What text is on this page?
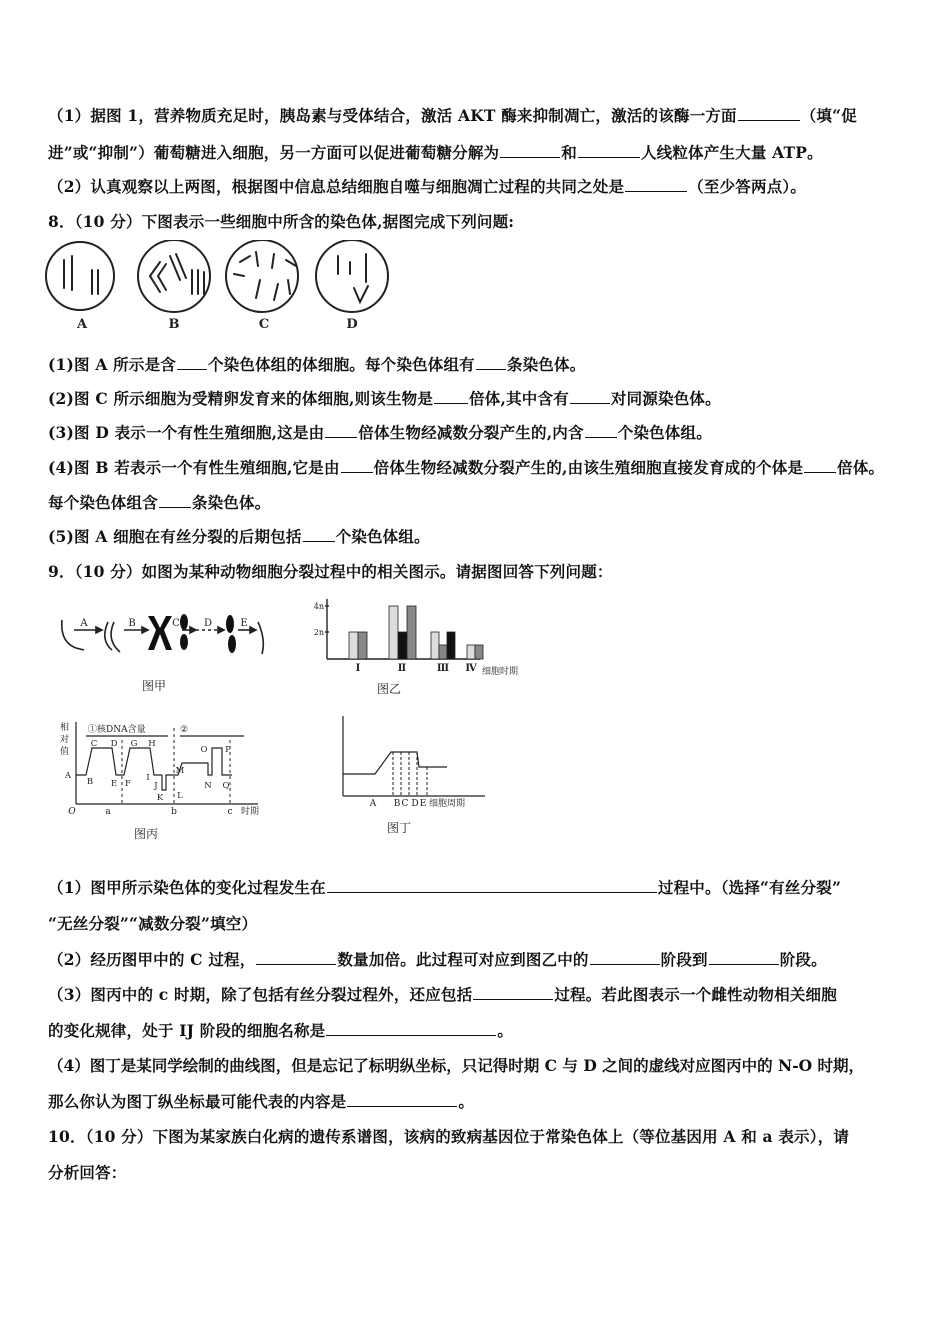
（1）据图 1，营养物质充足时，胰岛素与受体结合，激活 AKT 酶来抑制凋亡，激活的该酶一方面	（填“促
进”或“抑制”）葡萄糖进入细胞，另一方面可以促进葡萄糖分解为	和	人线粒体产生大量 ATP。
（2）认真观察以上两图，根据图中信息总结细胞自噬与细胞凋亡过程的共同之处是	（至少答两点）。
8．（10 分）下图表示一些细胞中所含的染色体,据图完成下列问题:
A	B	C	D
(1)图 A 所示是含 个染色体组的体细胞。每个染色体组有 条染色体。
(2)图 C 所示细胞为受精卵发育来的体细胞,则该生物是 倍体,其中含有	对同源染色体。
(3)图 D 表示一个有性生殖细胞,这是由 倍体生物经减数分裂产生的,内含 个染色体组。
(4)图 B 若表示一个有性生殖细胞,它是由 倍体生物经减数分裂产生的,由该生殖细胞直接发育成的个体是 倍体。
每个染色体组含 条染色体。
(5)图 A 细胞在有丝分裂的后期包括 个染色体组。
9．（10 分）如图为某种动物细胞分裂过程中的相关图示。请据图回答下列问题：
A	B	C D	E
图甲
4n
2n
Ⅰ	Ⅱ	Ⅲ Ⅳ 细胞时期
图乙
相
对
值
①核DNA含量	②
A
B
C D
E F
G H
I
J
K L
M
N
O P
Q
O	a	b	c 时期
图丙
A B C D E 细胞周期
图丁
（1）图甲所示染色体的变化过程发生在	过程中。（选择“有丝分裂”
“无丝分裂”“减数分裂”填空）
（2）经历图甲中的 C 过程，	数量加倍。此过程可对应到图乙中的	阶段到	阶段。
（3）图丙中的 c 时期，除了包括有丝分裂过程外，还应包括	过程。若此图表示一个雌性动物相关细胞
的变化规律，处于 IJ 阶段的细胞名称是	。
（4）图丁是某同学绘制的曲线图，但是忘记了标明纵坐标，只记得时期 C 与 D 之间的虚线对应图丙中的 N-O 时期，
那么你认为图丁纵坐标最可能代表的内容是	。
10．（10 分）下图为某家族白化病的遗传系谱图，该病的致病基因位于常染色体上（等位基因用 A 和 a 表示），请
分析回答：
